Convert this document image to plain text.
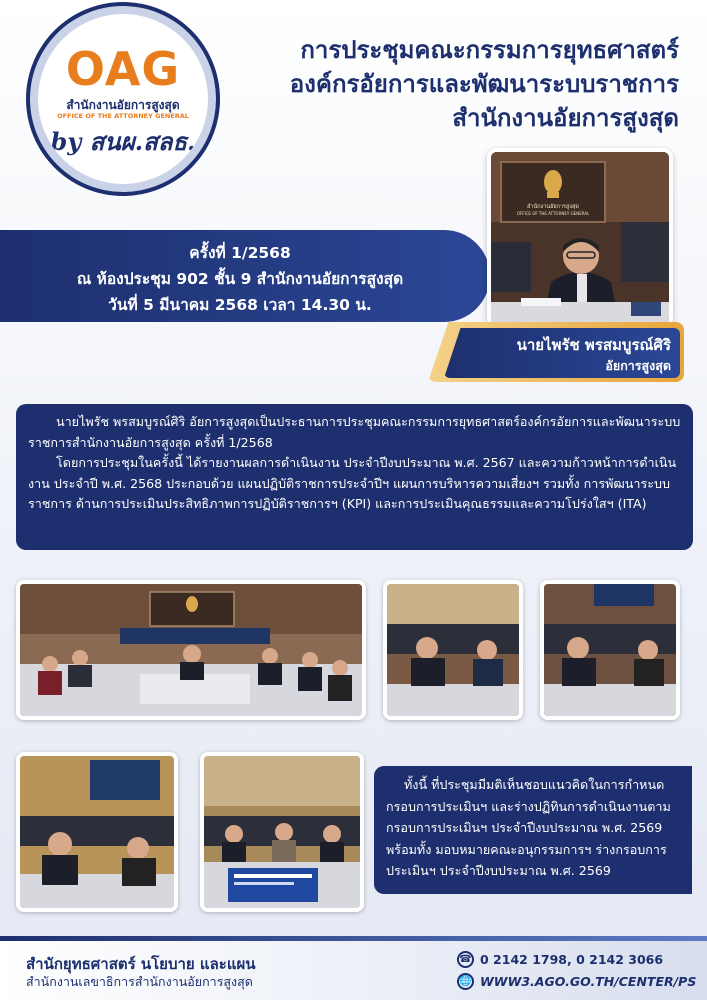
OAG
สำนักงานอัยการสูงสุด
OFFICE OF THE ATTORNEY GENERAL
by สนผ.สลธ.
การประชุมคณะกรรมการยุทธศาสตร์
องค์กรอัยการและพัฒนาระบบราชการ
สำนักงานอัยการสูงสุด
ครั้งที่ 1/2568
ณ ห้องประชุม 902 ชั้น 9 สำนักงานอัยการสูงสุด
วันที่ 5 มีนาคม 2568 เวลา 14.30 น.
สำนักงานอัยการสูงสุด
OFFICE OF THE ATTORNEY GENERAL
นายไพรัช พรสมบูรณ์ศิริ
อัยการสูงสุด

นายไพรัช พรสมบูรณ์ศิริ อัยการสูงสุดเป็นประธานการประชุมคณะกรรมการยุทธศาสตร์องค์กรอัยการและพัฒนาระบบราชการสำนักงานอัยการสูงสุด ครั้งที่ 1/2568

โดยการประชุมในครั้งนี้ ได้รายงานผลการดำเนินงาน ประจำปีงบประมาณ พ.ศ. 2567 และความก้าวหน้าการดำเนินงาน ประจำปี พ.ศ. 2568 ประกอบด้วย แผนปฏิบัติราชการประจำปีฯ แผนการบริหารความเสี่ยงฯ รวมทั้ง การพัฒนาระบบราชการ ด้านการประเมินประสิทธิภาพการปฏิบัติราชการฯ (KPI) และการประเมินคุณธรรมและความโปร่งใสฯ (ITA)

ทั้งนี้ ที่ประชุมมีมติเห็นชอบแนวคิดในการกำหนดกรอบการประเมินฯ และร่างปฏิทินการดำเนินงานตามกรอบการประเมินฯ ประจำปีงบประมาณ พ.ศ. 2569 พร้อมทั้ง มอบหมายคณะอนุกรรมการฯ ร่างกรอบการประเมินฯ ประจำปีงบประมาณ พ.ศ. 2569

สำนักยุทธศาสตร์ นโยบาย และแผน
สำนักงานเลขาธิการสำนักงานอัยการสูงสุด
☎ 0 2142 1798, 0 2142 3066
🌐 WWW3.AGO.GO.TH/CENTER/PS
